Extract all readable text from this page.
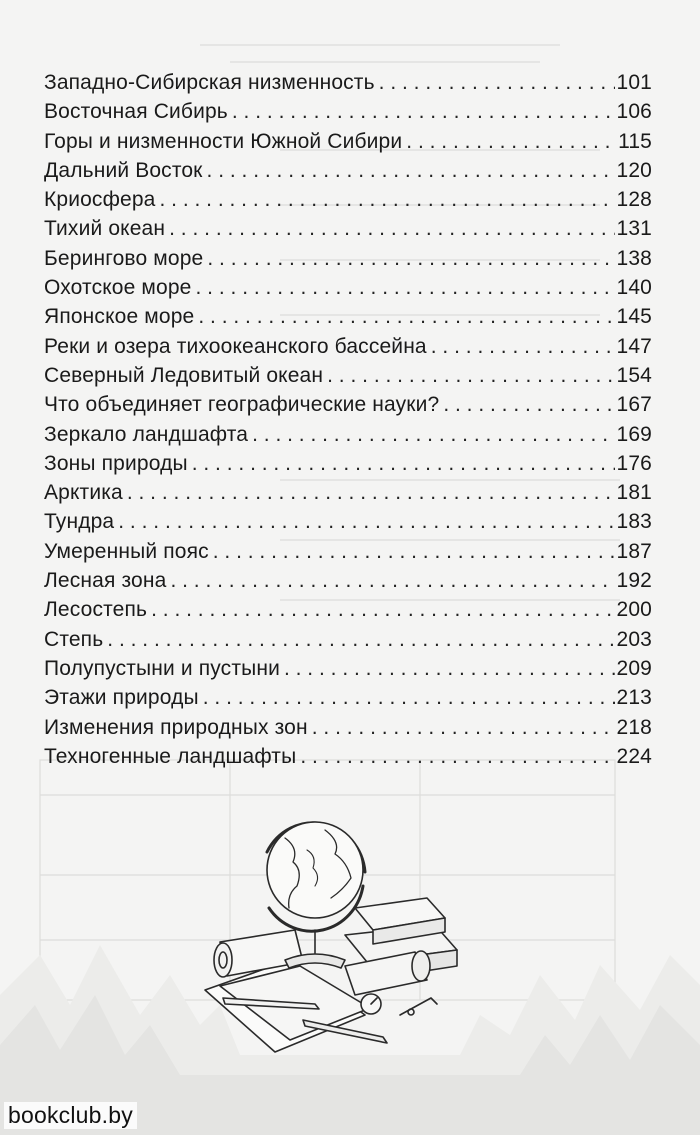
Западно-Сибирская низменность . . .	101
Восточная Сибирь . . .	106
Горы и низменности Южной Сибири . . .	115
Дальний Восток . . .	120
Криосфера . . .	128
Тихий океан . . .	131
Берингово море . . .	138
Охотское море . . .	140
Японское море . . .	145
Реки и озера тихоокеанского бассейна . . .	147
Северный Ледовитый океан . . .	154
Что объединяет географические науки? . . .	167
Зеркало ландшафта . . .	169
Зоны природы . . .	176
Арктика . . .	181
Тундра . . .	183
Умеренный пояс . . .	187
Лесная зона . . .	192
Лесостепь . . .	200
Степь . . .	203
Полупустыни и пустыни . . .	209
Этажи природы . . .	213
Изменения природных зон . . .	218
Техногенные ландшафты . . .	224
bookclub.by
